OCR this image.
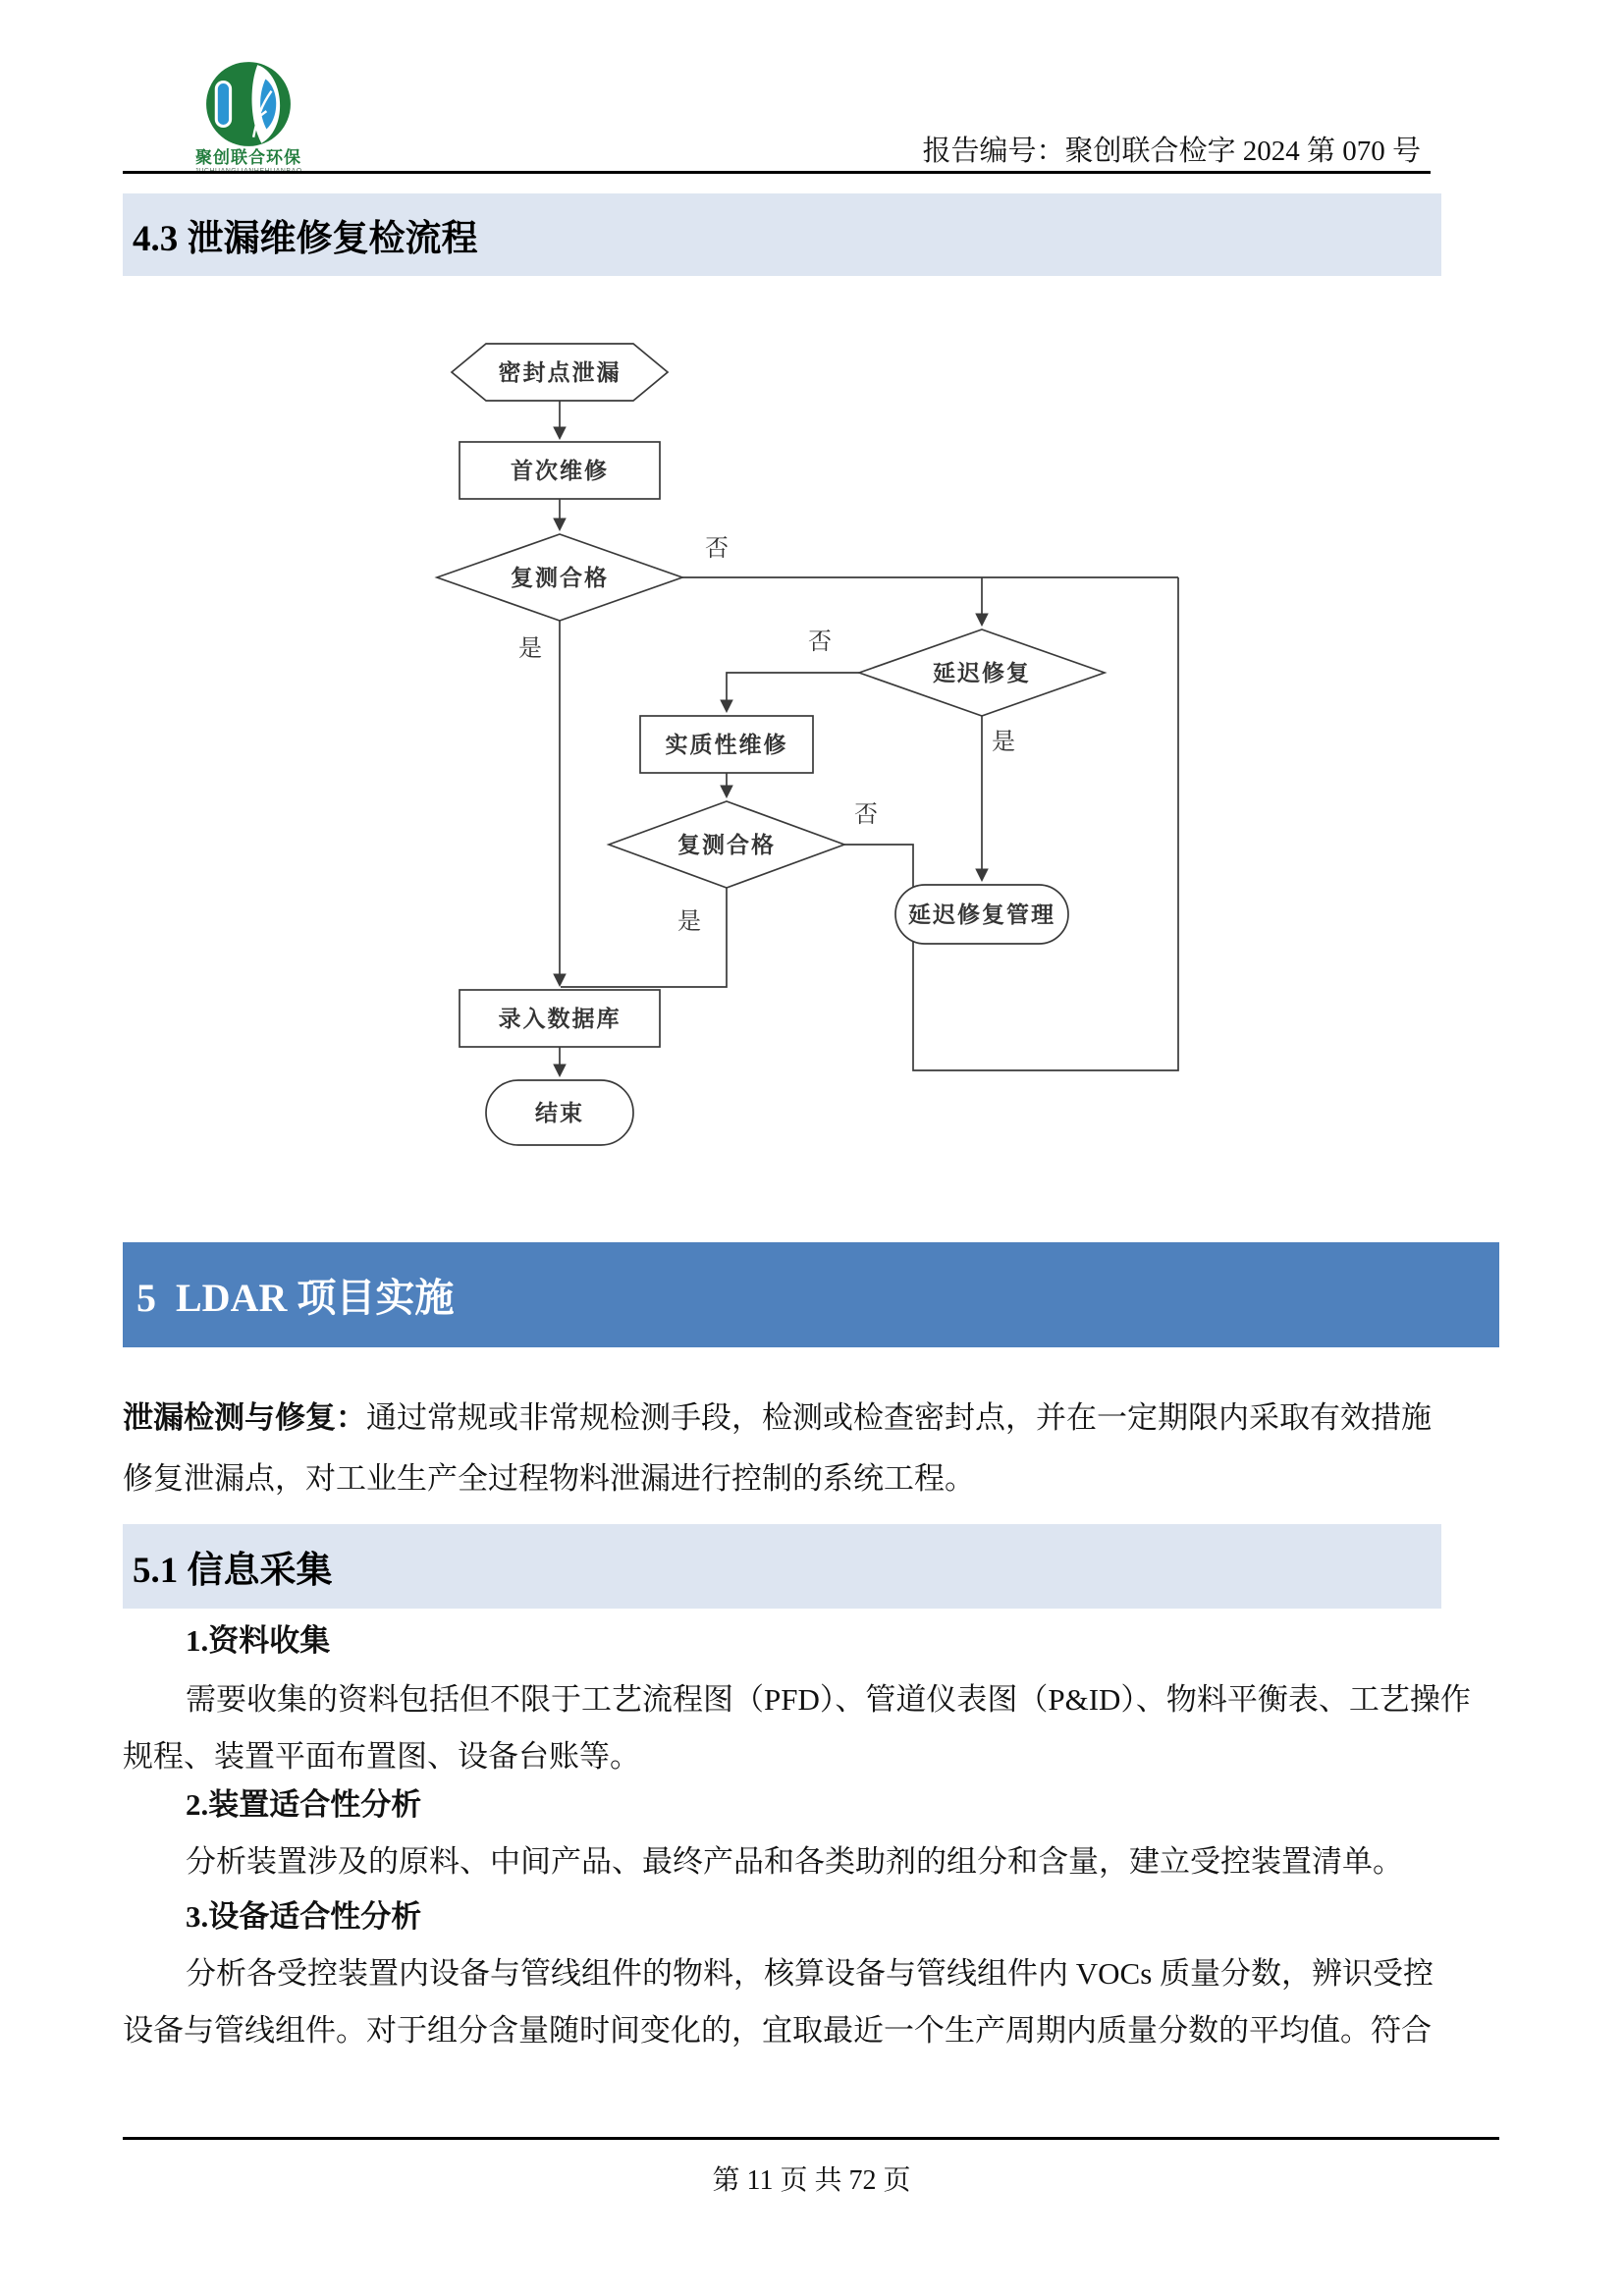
聚创联合环保	报告编号：聚创联合检字 2024 第 070 号
4.3 泄漏维修复检流程
否
是	否
是
否
是
密封点泄漏
首次维修
复测合格
延迟修复
实质性维修
复测合格
延迟修复管理
录入数据库
结束
5  LDAR 项目实施
泄漏检测与修复：通过常规或非常规检测手段，检测或检查密封点，并在一定期限内采取有效措施
修复泄漏点，对工业生产全过程物料泄漏进行控制的系统工程。
5.1 信息采集
1.资料收集
需要收集的资料包括但不限于工艺流程图（PFD）、管道仪表图（P&ID）、物料平衡表、工艺操作
规程、装置平面布置图、设备台账等。
2.装置适合性分析
分析装置涉及的原料、中间产品、最终产品和各类助剂的组分和含量，建立受控装置清单。
3.设备适合性分析
分析各受控装置内设备与管线组件的物料，核算设备与管线组件内 VOCs 质量分数，辨识受控
设备与管线组件。对于组分含量随时间变化的，宜取最近一个生产周期内质量分数的平均值。符合
第 11 页 共 72 页
